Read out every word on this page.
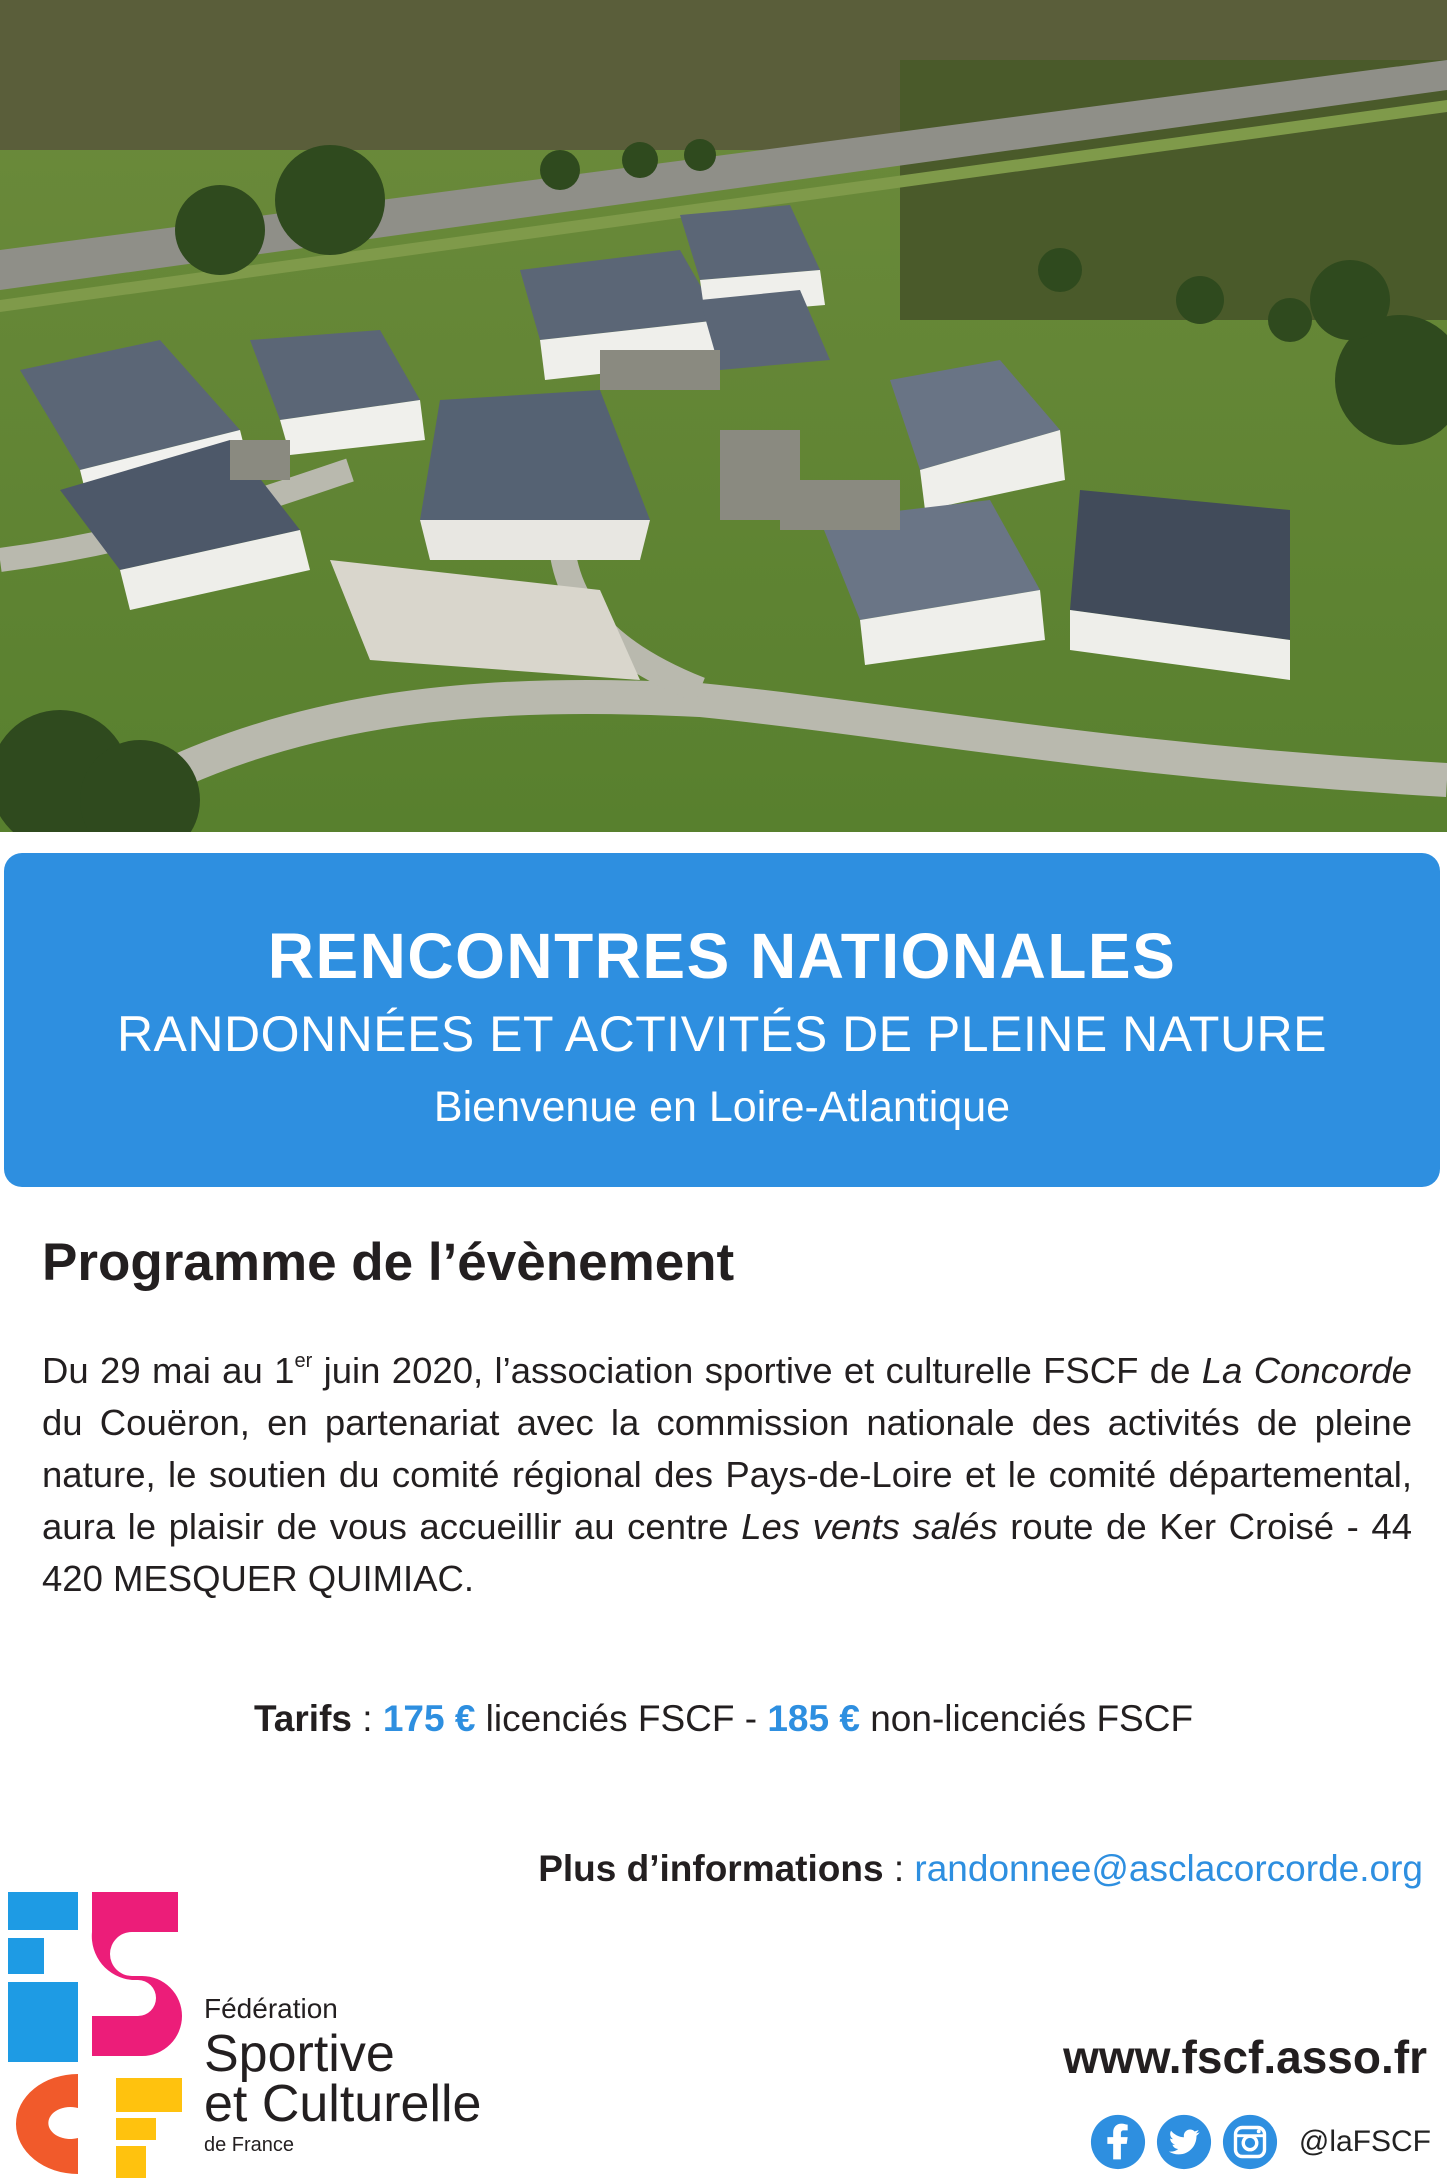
RENCONTRES NATIONALES
RANDONNÉES ET ACTIVITÉS DE PLEINE NATURE
Bienvenue en Loire-Atlantique
Programme de l’évènement

Du 29 mai au 1er juin 2020, l’association sportive et culturelle FSCF de La Concorde du Couëron, en partenariat avec la commission nationale des activités de pleine nature, le soutien du comité régional des Pays-de-Loire et le comité départemental, aura le plaisir de vous accueillir au centre Les vents salés route de Ker Croisé - 44 420 MESQUER QUIMIAC.

Tarifs : 175 € licenciés FSCF - 185 € non-licenciés FSCF
Plus d’informations : randonnee@asclacorcorde.org
Fédération
Sportive
et Culturelle
de France
www.fscf.asso.fr
@laFSCF
